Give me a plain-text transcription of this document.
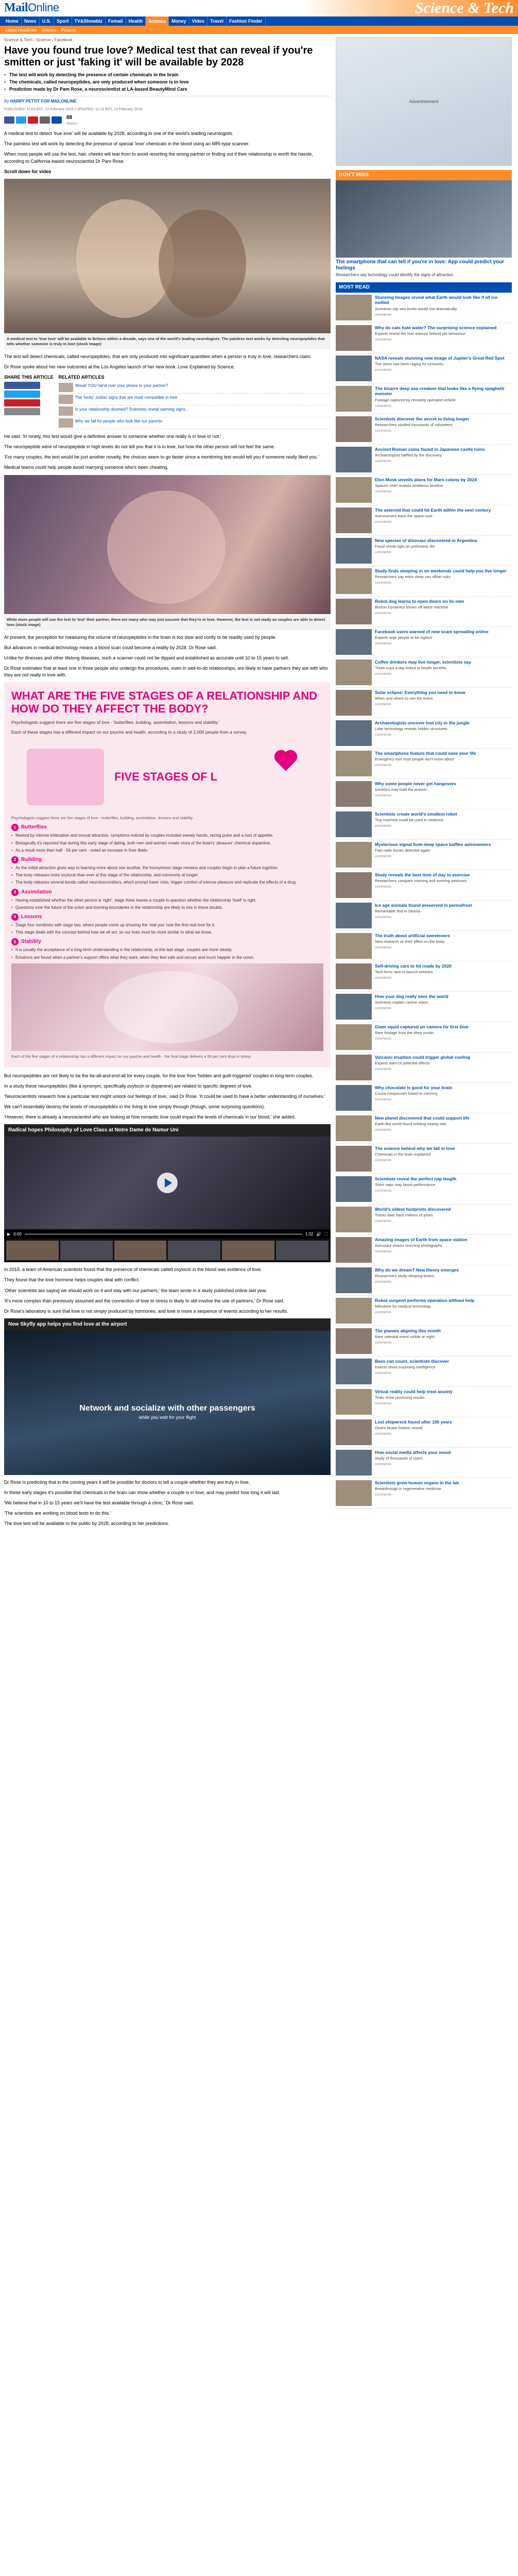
MailOnline	Science & Tech
Home	News	U.S.	Sport	TV&Showbiz	Femail	Health	Science	Money	Video	Travel	Fashion Finder
Latest Headlines	Science	Pictures
Science & Tech › Science › Facebook
Have you found true love? Medical test that can reveal if you're smitten or just 'faking it' will be available by 2028
• The test will work by detecting the presence of certain chemicals in the brain
• The chemicals, called neuropeptides, are only produced when someone is in love
• Prediction made by Dr Pam Rose, a neuroscientist at LA-based BeautyMind Care
By HARRY PETTIT FOR MAILONLINE
PUBLISHED: 11:03 BST, 13 February 2018 | UPDATED: 11:13 BST, 13 February 2018
88
shares

A medical test to detect 'true love' will be available by 2028, according to one of the world's leading neurologists.

The painless test will work by detecting the presence of special 'love' chemicals in the blood using an MRI-type scanner.

When most people will use the test, hair, cheeks will tear from to avoid resorting the wrong partner or finding out if their relationship is worth the hassle, according to California-based neuroscientist Dr Pam Rose.

Scroll down for video

A medical test to 'true love' will be available to Britons within a decade, says one of the world's leading neurologists. The painless test works by detecting neuropeptides that tells whether someone is truly in love (stock image)

The test will detect chemicals, called neuropeptides, that are only produced into significant quantities when a person is truly in love, researchers claim.

Dr Rose spoke about her new outcomes at the Los Angeles launch of her new book, Love Explained by Science.

SHARE THIS ARTICLE RELATED ARTICLES
Would YOU hand over your phone to your partner?
The 'lucky' zodiac signs that are most compatible in love
Is your relationship doomed? Scientists reveal warning signs
Why we fall for people who look like our parents

He said: 'In ninety, this test would give a definitive answer to someone whether one really is in love or not.'

The neuropeptide were of neuropeptide in high levels do not tell you that it is in love, but how the other person will not feel the same.

'For many couples, the test would be just another novelty, the choices seem to go faster since a monitoring test would tell you if someone really liked you.'

Medical teams could help people avoid marrying someone who's been cheating.

While more people will use the test to 'test' their partner, there are many who may just assume that they're in love. However, the test is not ready as couples are able to detect love (stock image)

At present, the perception for measuring the volume of neuropeptides in the brain is too slow and costly to be readily used by people.

But advances in medical technology means a blood scan could become a reality by 2028, Dr Rose said.

Unlike for illnesses and other lifelong diseases, such a scanner could not be dipped and established as accurate until 10 to 15 years to sell.

Dr Rose estimates that at least one in three people who undergo the procedures, even in well-to-do relationships, are likely to have partners they are with who they are not really in love with.

WHAT ARE THE FIVE STAGES OF A RELATIONSHIP AND HOW DO THEY AFFECT THE BODY?

Psychologists suggest there are five stages of love - 'butterflies, building, assimilation, lessons and stability.'

Each of these stages has a different impact on our psyche and health, according to a study of 2,000 people from a survey.

FIVE STAGES OF L
Psychologists suggest there are five stages of love - butterflies, building, assimilation, lessons and stability
1 Butterflies
• Marked by intense infatuation and sexual attraction, symptoms noticed by couples included sweaty hands, racing pulse and a loss of appetite.
• Biologically it's reported that during this early stage of dating, both men and women create more of the brain's 'pleasure' chemical dopamine.
• As a result more than half - 56 per cent - noted an increase in their libido.
2 Building
• As the initial attraction gives way to learning more about one another, the honeymoon stage remains and couples begin to plan a future together.
• The body releases more oxytocin than ever at this stage of the relationship, and commonly at longer.
• The body releases several bonds called neurotransmitters, which prompt lower risks, trigger comfort of intense pleasure and replicate the effects of a drug.
3 Assimilation
• Having established whether the other person is 'right', stage three leaves a couple to question whether the relationship 'itself' is right.
• Questions over the future of the union and looming boundaries in the relationship are likely to rise in these doubts.
4 Lessons
• Stage four combines with stage two, where people come up showing the 'real you' now the first real love for it.
• This stage deals with the concept behind how we all act, so our lives must be more similar to what we know.
5 Stability
• It is usually the acceptance of a long-term understanding in the relationship, at this last stage, couples are more steady.
• Emotions are found when a partner's support offers what they want, when they feel safe and secure and much happier in the union.
Each of the five stages of a relationship has a different impact on our psyche and health - the final stage delivers a 59 per cent drop in stress

But neuropeptides are not likely to be the be-all-and-end-all for every couple, for the love from 'hidden and guilt-triggered' couples in long-term couples.

In a study these neuropeptides (like a synonym, specifically oxytocin or dopamine) are related to specific degrees of love.

'Neuroscientists research how a particular test might unlock our feelings of love,' said Dr Rose. 'It could be used to have a better understanding of ourselves.'

We can't essentially destroy the levels of neuropeptides in the living to love simply through (though, some surprising questions).

'However, there is already a neuroscientist who are looking at how romantic love could impact the levels of chemicals in our blood,' she added.

Radical hopes Philosophy of Love Class at Notre Dame de Namur Uni
▶ 0:00	1:32 🔊 ⛶

In 2015, a team of American scientists found that the presence of chemicals called oxytocin in the blood was evidence of love.

They found that the love hormone helps couples deal with conflict.

'Other scientists are saying we should work on it and stay with our partners,' the team wrote in a study published online last year.

'It's more complex than previously assumed and the connection of love to stress is likely to still involve the use of partners,' Dr Rose said.

Dr Rose's laboratory is sure that love is not simply produced by hormones, and love is more a sequence of events according to her results.

New Skyfly app helps you find love at the airport
Network and socialize with other passengers
while you wait for your flight

Dr Rose is predicting that in the coming years it will be possible for doctors to tell a couple whether they are truly in love.

In these early stages it's possible that chemicals in the brain can show whether a couple is in love, and may predict how long it will last.

'We believe that in 10 to 15 years we'll have the test available through a clinic,' Dr Rose said.

'The scientists are working on blood tests to do this.'

The love test will be available to the public by 2028, according to her predictions.

Advertisement
DON'T MISS
The smartphone that can tell if you're in love: App could predict your feelings
Researchers say technology could identify the signs of attraction
MOST READ
Stunning images reveal what Earth would look like if all ice melted
Scientists say sea levels would rise dramatically
comments
Why do cats hate water? The surprising science explained
Experts reveal the real reasons behind pet behaviour
comments
NASA reveals stunning new image of Jupiter's Great Red Spot
The storm has been raging for centuries
comments
The bizarre deep sea creature that looks like a flying spaghetti monster
Footage captured by remotely operated vehicle
comments
Scientists discover the secret to living longer
Researchers studied thousands of volunteers
comments
Ancient Roman coins found in Japanese castle ruins
Archaeologists baffled by the discovery
comments
Elon Musk unveils plans for Mars colony by 2024
SpaceX chief reveals ambitious timeline
comments
The asteroid that could hit Earth within the next century
Astronomers track the space rock
comments
New species of dinosaur discovered in Argentina
Fossil sheds light on prehistoric life
comments
Study finds sleeping in on weekends could help you live longer
Researchers say extra sleep can offset risks
comments
Robot dog learns to open doors on its own
Boston Dynamics shows off latest machine
comments
Facebook users warned of new scam spreading online
Experts urge people to be vigilant
comments
Coffee drinkers may live longer, scientists say
Three cups a day linked to health benefits
comments
Solar eclipse: Everything you need to know
When and where to see the event
comments
Archaeologists uncover lost city in the jungle
Lidar technology reveals hidden structures
comments
The smartphone feature that could save your life
Emergency tool most people don't know about
comments
Why some people never get hangovers
Genetics may hold the answer
comments
Scientists create world's smallest robot
Tiny machine could be used in medicine
comments
Mysterious signal from deep space baffles astronomers
Fast radio bursts detected again
comments
Study reveals the best time of day to exercise
Researchers compare morning and evening workouts
comments
Ice age animals found preserved in permafrost
Remarkable find in Siberia
comments
The truth about artificial sweeteners
New research on their effect on the body
comments
Self-driving cars to hit roads by 2020
Tech firms race to launch vehicles
comments
How your dog really sees the world
Scientists explain canine vision
comments
Giant squid captured on camera for first time
Rare footage from the deep ocean
comments
Volcanic eruption could trigger global cooling
Experts warn of potential effects
comments
Why chocolate is good for your brain
Cocoa compounds linked to memory
comments
New planet discovered that could support life
Earth-like world found orbiting nearby star
comments
The science behind why we fall in love
Chemicals in the brain explained
comments
Scientists reveal the perfect nap length
Short naps may boost performance
comments
World's oldest footprints discovered
Tracks date back millions of years
comments
Amazing images of Earth from space station
Astronaut shares stunning photographs
comments
Why do we dream? New theory emerges
Researchers study sleeping brains
comments
Robot surgeon performs operation without help
Milestone for medical technology
comments
The planets aligning this month
Rare celestial event visible at night
comments
Bees can count, scientists discover
Insects show surprising intelligence
comments
Virtual reality could help treat anxiety
Trials show promising results
comments
Lost shipwreck found after 100 years
Divers locate historic vessel
comments
How social media affects your mood
Study of thousands of users
comments
Scientists grow human organs in the lab
Breakthrough in regenerative medicine
comments
